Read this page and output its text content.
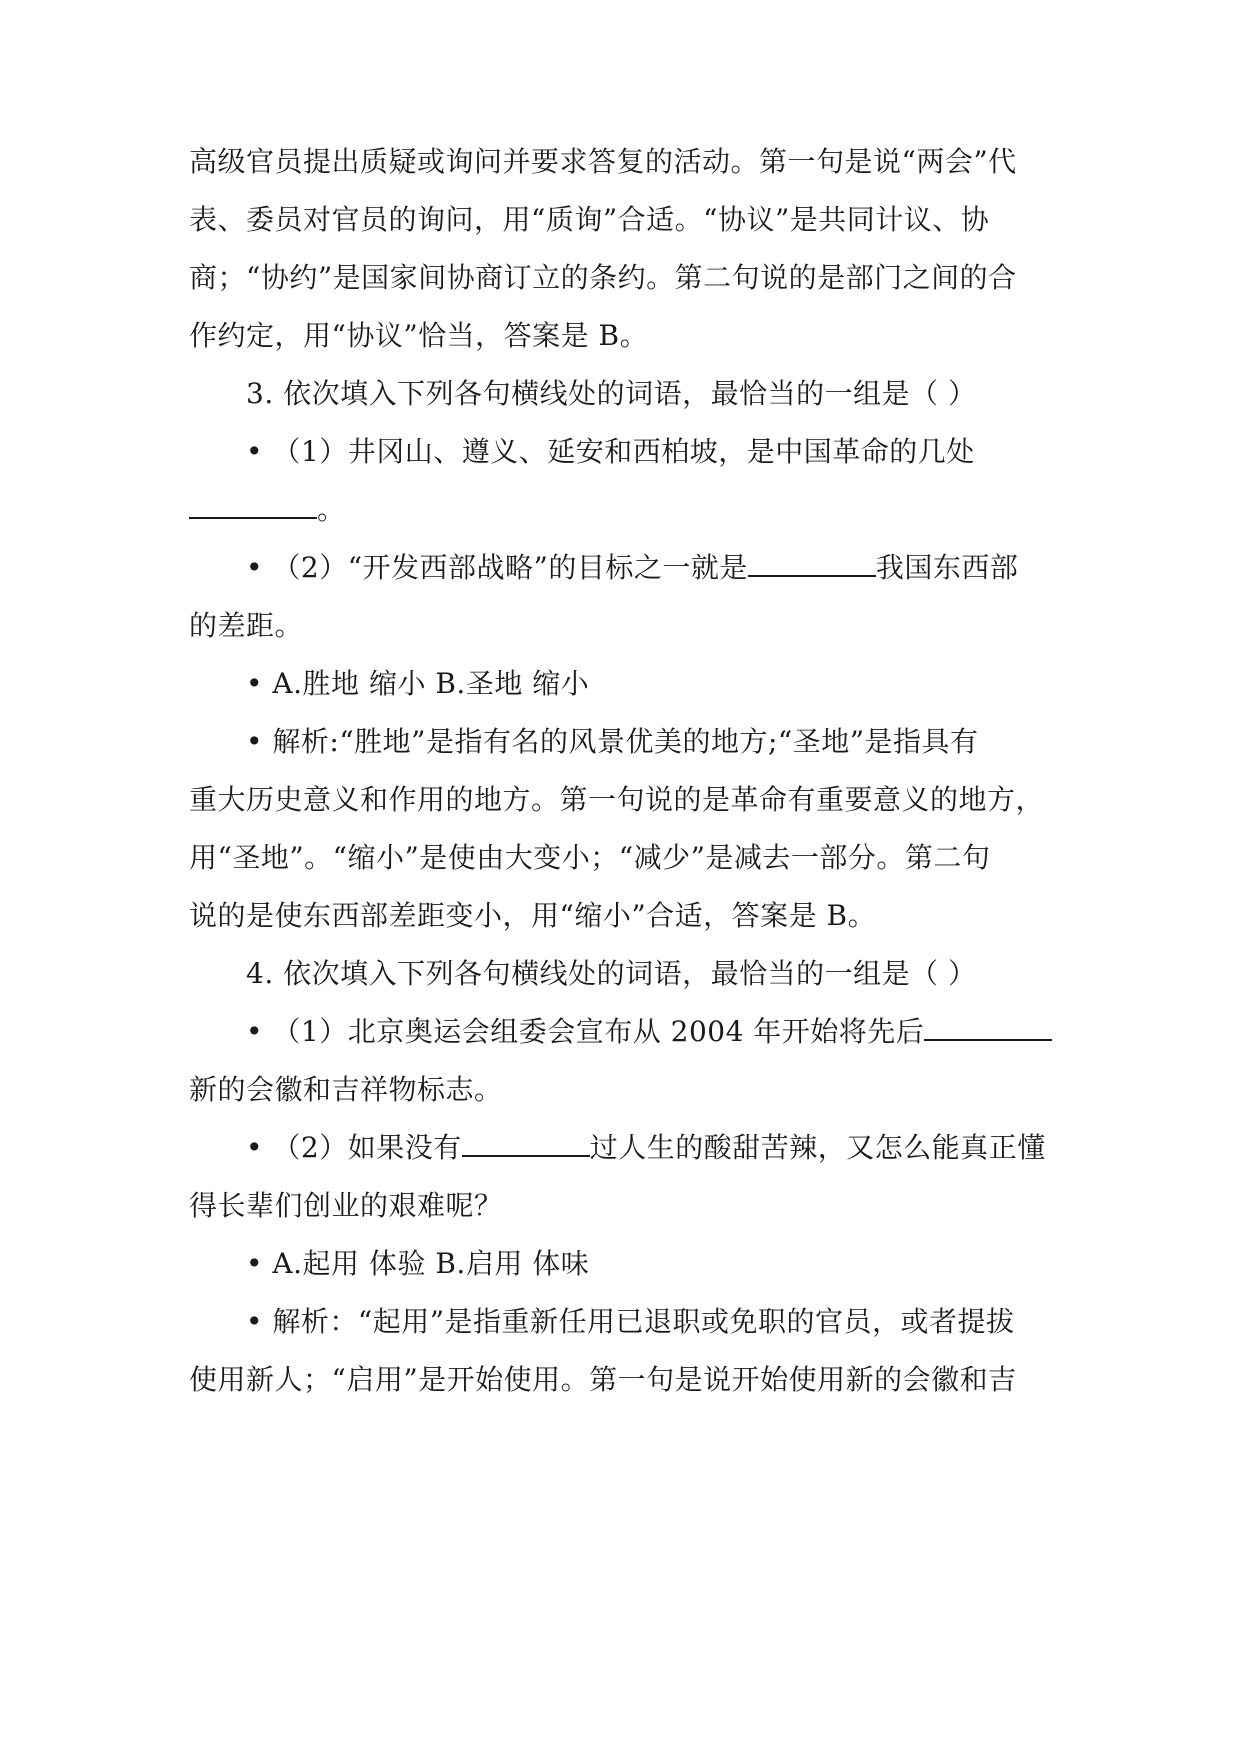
高级官员提出质疑或询问并要求答复的活动。第一句是说“两会”代
表、委员对官员的询问，用“质询”合适。“协议”是共同计议、协
商；“协约”是国家间协商订立的条约。第二句说的是部门之间的合
作约定，用“协议”恰当，答案是 B。
3. 依次填入下列各句横线处的词语，最恰当的一组是（ ）
• （1）井冈山、遵义、延安和西柏坡，是中国革命的几处
。
• （2）“开发西部战略”的目标之一就是	我国东西部
的差距。
• A.胜地 缩小 B.圣地 缩小
• 解析:“胜地”是指有名的风景优美的地方;“圣地”是指具有
重大历史意义和作用的地方。第一句说的是革命有重要意义的地方，
用“圣地”。“缩小”是使由大变小；“减少”是减去一部分。第二句
说的是使东西部差距变小，用“缩小”合适，答案是 B。
4. 依次填入下列各句横线处的词语，最恰当的一组是（ ）
• （1）北京奥运会组委会宣布从 2004 年开始将先后
新的会徽和吉祥物标志。
• （2）如果没有	过人生的酸甜苦辣，又怎么能真正懂
得长辈们创业的艰难呢？
• A.起用 体验 B.启用 体味
• 解析：“起用”是指重新任用已退职或免职的官员，或者提拔
使用新人；“启用”是开始使用。第一句是说开始使用新的会徽和吉
